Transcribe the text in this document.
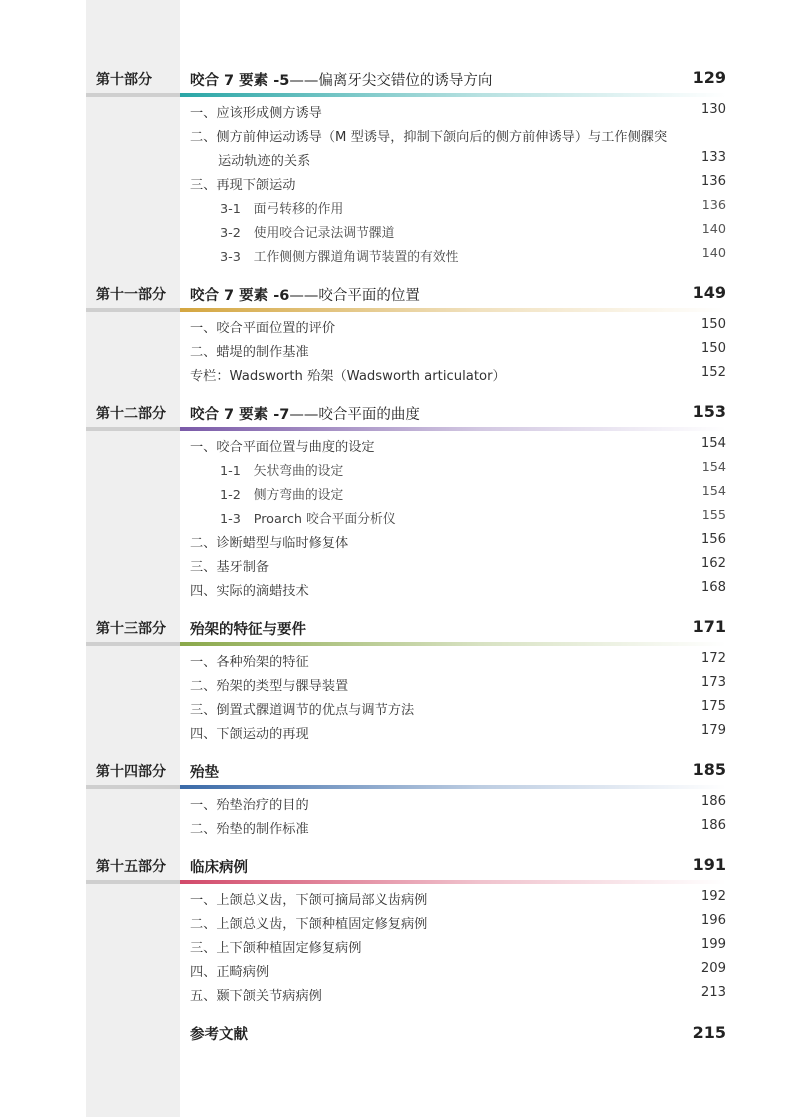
第十部分	咬合 7 要素 -5——偏离牙尖交错位的诱导方向	129
一、应该形成侧方诱导	130
二、侧方前伸运动诱导（M 型诱导，抑制下颌向后的侧方前伸诱导）与工作侧髁突
运动轨迹的关系	133
三、再现下颌运动	136
3-1　面弓转移的作用	136
3-2　使用咬合记录法调节髁道	140
3-3　工作侧侧方髁道角调节装置的有效性	140
第十一部分	咬合 7 要素 -6——咬合平面的位置	149
一、咬合平面位置的评价	150
二、蜡堤的制作基准	150
专栏：Wadsworth 殆架（Wadsworth articulator）	152
第十二部分	咬合 7 要素 -7——咬合平面的曲度	153
一、咬合平面位置与曲度的设定	154
1-1　矢状弯曲的设定	154
1-2　侧方弯曲的设定	154
1-3　Proarch 咬合平面分析仪	155
二、诊断蜡型与临时修复体	156
三、基牙制备	162
四、实际的滴蜡技术	168
第十三部分	殆架的特征与要件	171
一、各种殆架的特征	172
二、殆架的类型与髁导装置	173
三、倒置式髁道调节的优点与调节方法	175
四、下颌运动的再现	179
第十四部分	殆垫	185
一、殆垫治疗的目的	186
二、殆垫的制作标准	186
第十五部分	临床病例	191
一、上颌总义齿，下颌可摘局部义齿病例	192
二、上颌总义齿，下颌种植固定修复病例	196
三、上下颌种植固定修复病例	199
四、正畸病例	209
五、颞下颌关节病病例	213
参考文献	215
